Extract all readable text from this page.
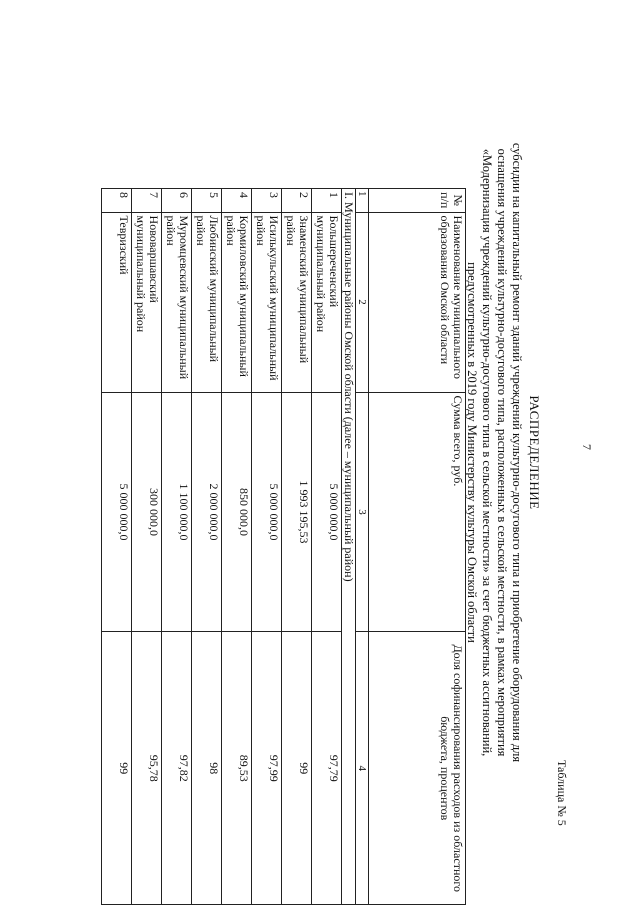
7
Таблица № 5
РАСПРЕДЕЛЕНИЕ
субсидии на капитальный ремонт зданий учреждений культурно-досугового типа и приобретение оборудования для
оснащения учреждений культурно-досугового типа, расположенных в сельской местности, в рамках мероприятия
«Модернизация учреждений культурно-досугового типа в сельской местности» за счет бюджетных ассигнований,
предусмотренных в 2019 году Министерству культуры Омской области
№ п/п	Наименование муниципального образования Омской области	Сумма всего, руб.	Доля софинансирования расходов из областного бюджета, процентов
1	2	3	4
I. Муниципальные районы Омской области (далее – муниципальный район)			
1	Большереченский муниципальный район	5 000 000,0	97,79

2	Знаменский муниципальный район	1 993 195,53	99

3	Исилькульский муниципальный район	5 000 000,0	97,99

4	Кормиловский муниципальный район	850 000,0	89,53

5	Любинский муниципальный район	2 000 000,0	98

6	Муромцевский муниципальный район	1 100 000,0	97,82

7	Нововаршавский муниципальный район	300 000,0	95,78

8	Тевризский	5 000 000,0	99
